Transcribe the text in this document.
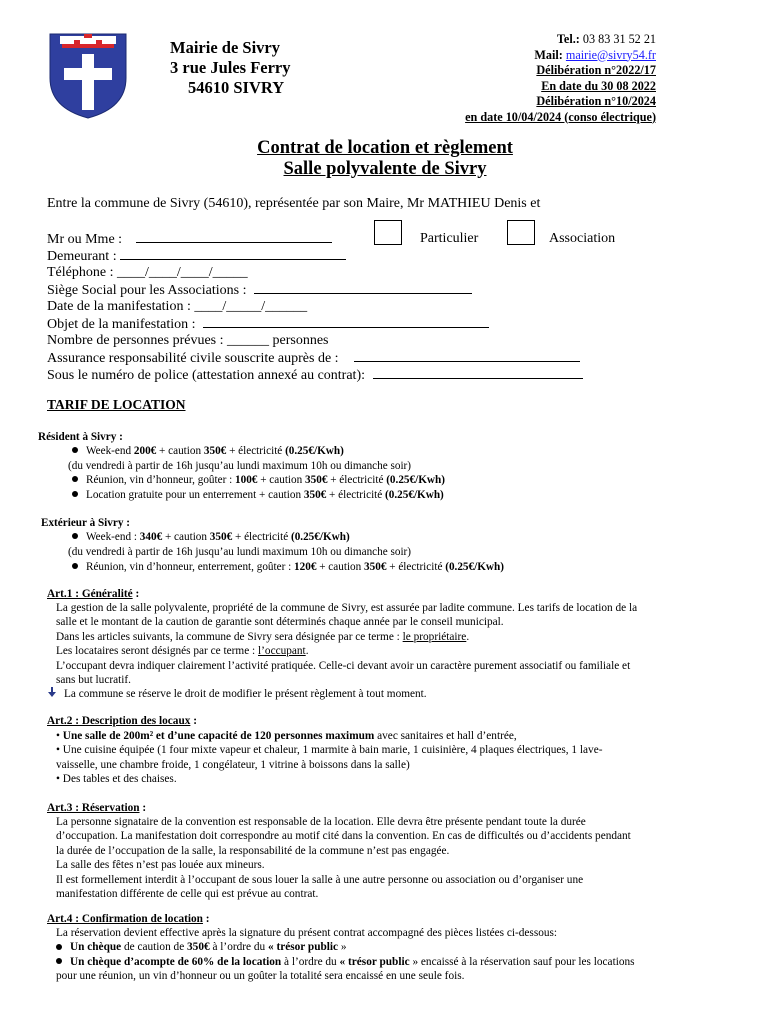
Mairie de Sivry
3 rue Jules Ferry
54610 SIVRY
Tel.: 03 83 31 52 21
Mail: mairie@sivry54.fr
Délibération n°2022/17
En date du 30 08 2022
Délibération n°10/2024
en date 10/04/2024 (conso électrique)
Contrat de location et règlement
Salle polyvalente de Sivry
Entre la commune de Sivry (54610), représentée par son Maire, Mr MATHIEU Denis et
Mr ou Mme :	Particulier	Association
Demeurant :
Téléphone : ____/____/____/_____
Siège Social pour les Associations :
Date de la manifestation : ____/_____/______
Objet de la manifestation :
Nombre de personnes prévues : ______ personnes
Assurance responsabilité civile souscrite auprès de :
Sous le numéro de police (attestation annexé au contrat):
TARIF DE LOCATION
Résident à Sivry :
Week-end 200€ + caution 350€ + électricité (0.25€/Kwh)
(du vendredi à partir de 16h jusqu’au lundi maximum 10h ou dimanche soir)
Réunion, vin d’honneur, goûter : 100€ + caution 350€ + électricité (0.25€/Kwh)
Location gratuite pour un enterrement + caution 350€ + électricité (0.25€/Kwh)
Extérieur à Sivry :
Week-end : 340€ + caution 350€ + électricité (0.25€/Kwh)
(du vendredi à partir de 16h jusqu’au lundi maximum 10h ou dimanche soir)
Réunion, vin d’honneur, enterrement, goûter : 120€ + caution 350€ + électricité (0.25€/Kwh)
Art.1 : Généralité :
La gestion de la salle polyvalente, propriété de la commune de Sivry, est assurée par ladite commune. Les tarifs de location de la
salle et le montant de la caution de garantie sont déterminés chaque année par le conseil municipal.
Dans les articles suivants, la commune de Sivry sera désignée par ce terme : le propriétaire.
Les locataires seront désignés par ce terme : l’occupant.
L’occupant devra indiquer clairement l’activité pratiquée. Celle-ci devant avoir un caractère purement associatif ou familiale et
sans but lucratif.
La commune se réserve le droit de modifier le présent règlement à tout moment.
Art.2 : Description des locaux :
• Une salle de 200m² et d’une capacité de 120 personnes maximum avec sanitaires et hall d’entrée,
• Une cuisine équipée (1 four mixte vapeur et chaleur, 1 marmite à bain marie, 1 cuisinière, 4 plaques électriques, 1 lave-
vaisselle, une chambre froide, 1 congélateur, 1 vitrine à boissons dans la salle)
• Des tables et des chaises.
Art.3 : Réservation :
La personne signataire de la convention est responsable de la location. Elle devra être présente pendant toute la durée
d’occupation. La manifestation doit correspondre au motif cité dans la convention. En cas de difficultés ou d’accidents pendant
la durée de l’occupation de la salle, la responsabilité de la commune n’est pas engagée.
La salle des fêtes n’est pas louée aux mineurs.
Il est formellement interdit à l’occupant de sous louer la salle à une autre personne ou association ou d’organiser une
manifestation différente de celle qui est prévue au contrat.
Art.4 : Confirmation de location :
La réservation devient effective après la signature du présent contrat accompagné des pièces listées ci-dessous:
Un chèque de caution de 350€ à l’ordre du « trésor public »
Un chèque d’acompte de 60% de la location à l’ordre du « trésor public » encaissé à la réservation sauf pour les locations
pour une réunion, un vin d’honneur ou un goûter la totalité sera encaissé en une seule fois.
